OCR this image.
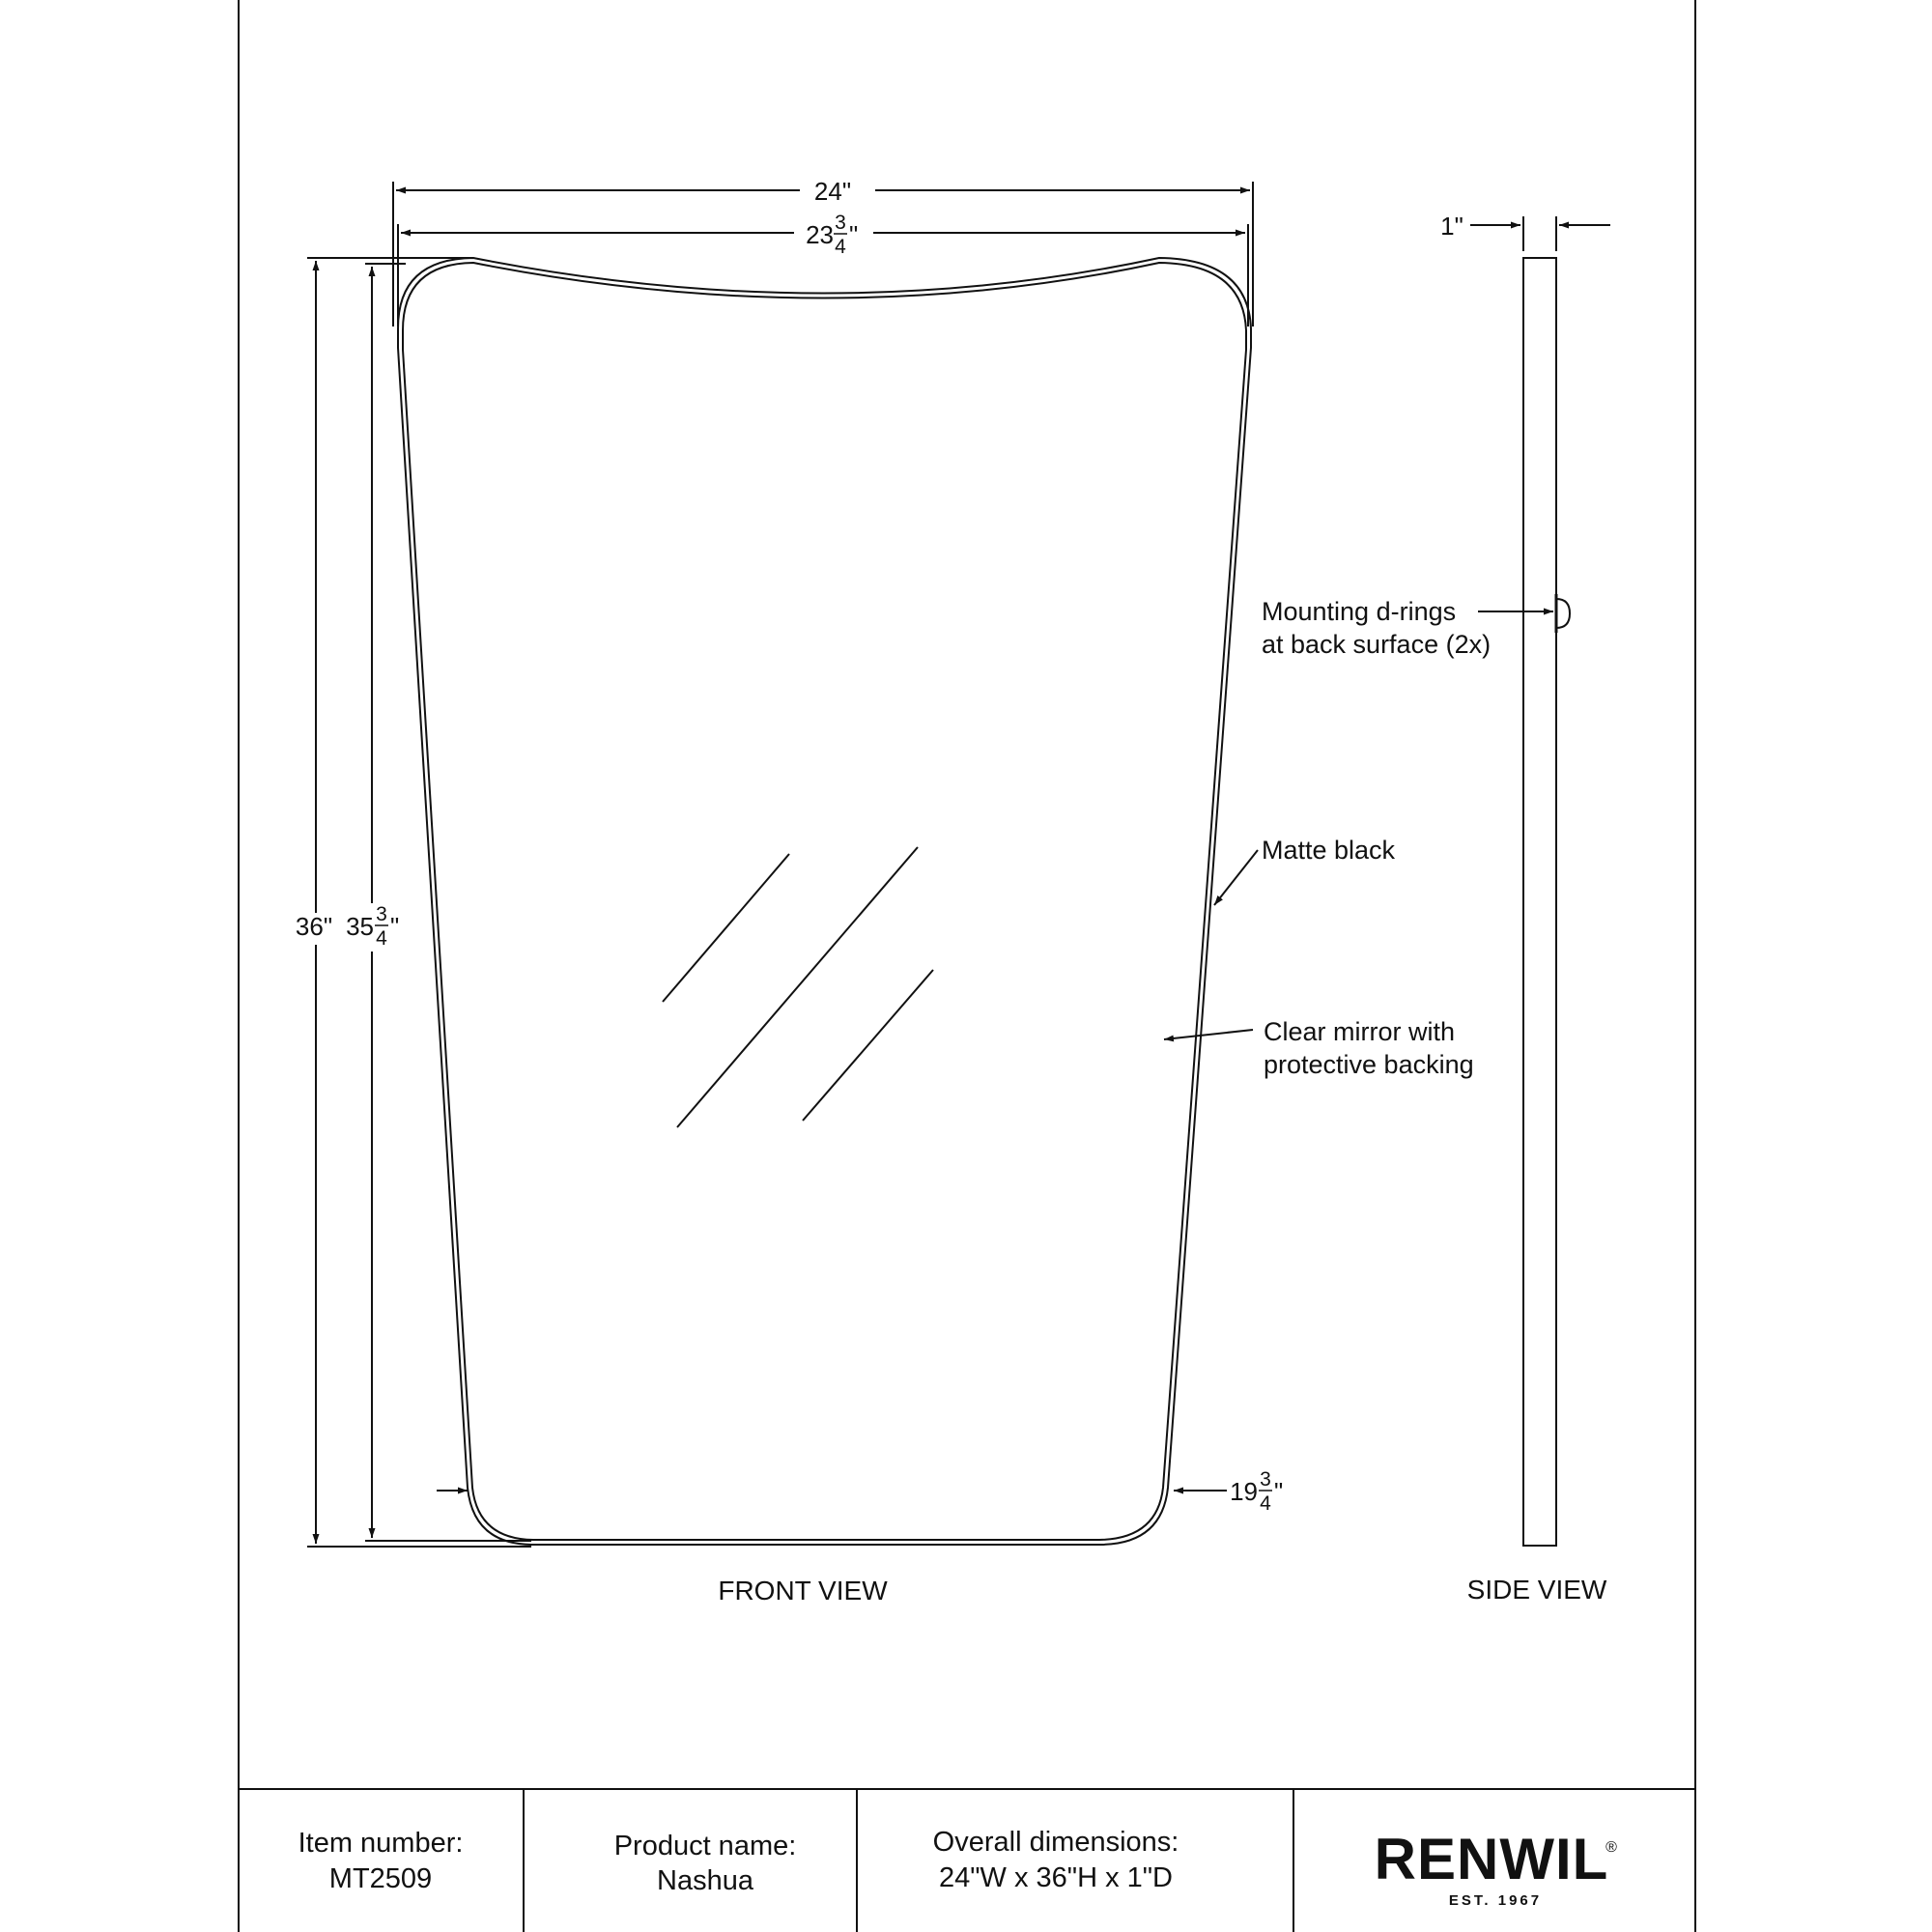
24"
23 3
4 "
36" 35 3
4 "
19 3
4 "
1"
Mounting d-rings
at back surface (2x)
Matte black
Clear mirror with
protective backing
FRONT VIEW	SIDE VIEW
Item number:
MT2509
Product name:
Nashua
Overall dimensions:
24"W x 36"H x 1"D	RENWIL
®
EST. 1967
